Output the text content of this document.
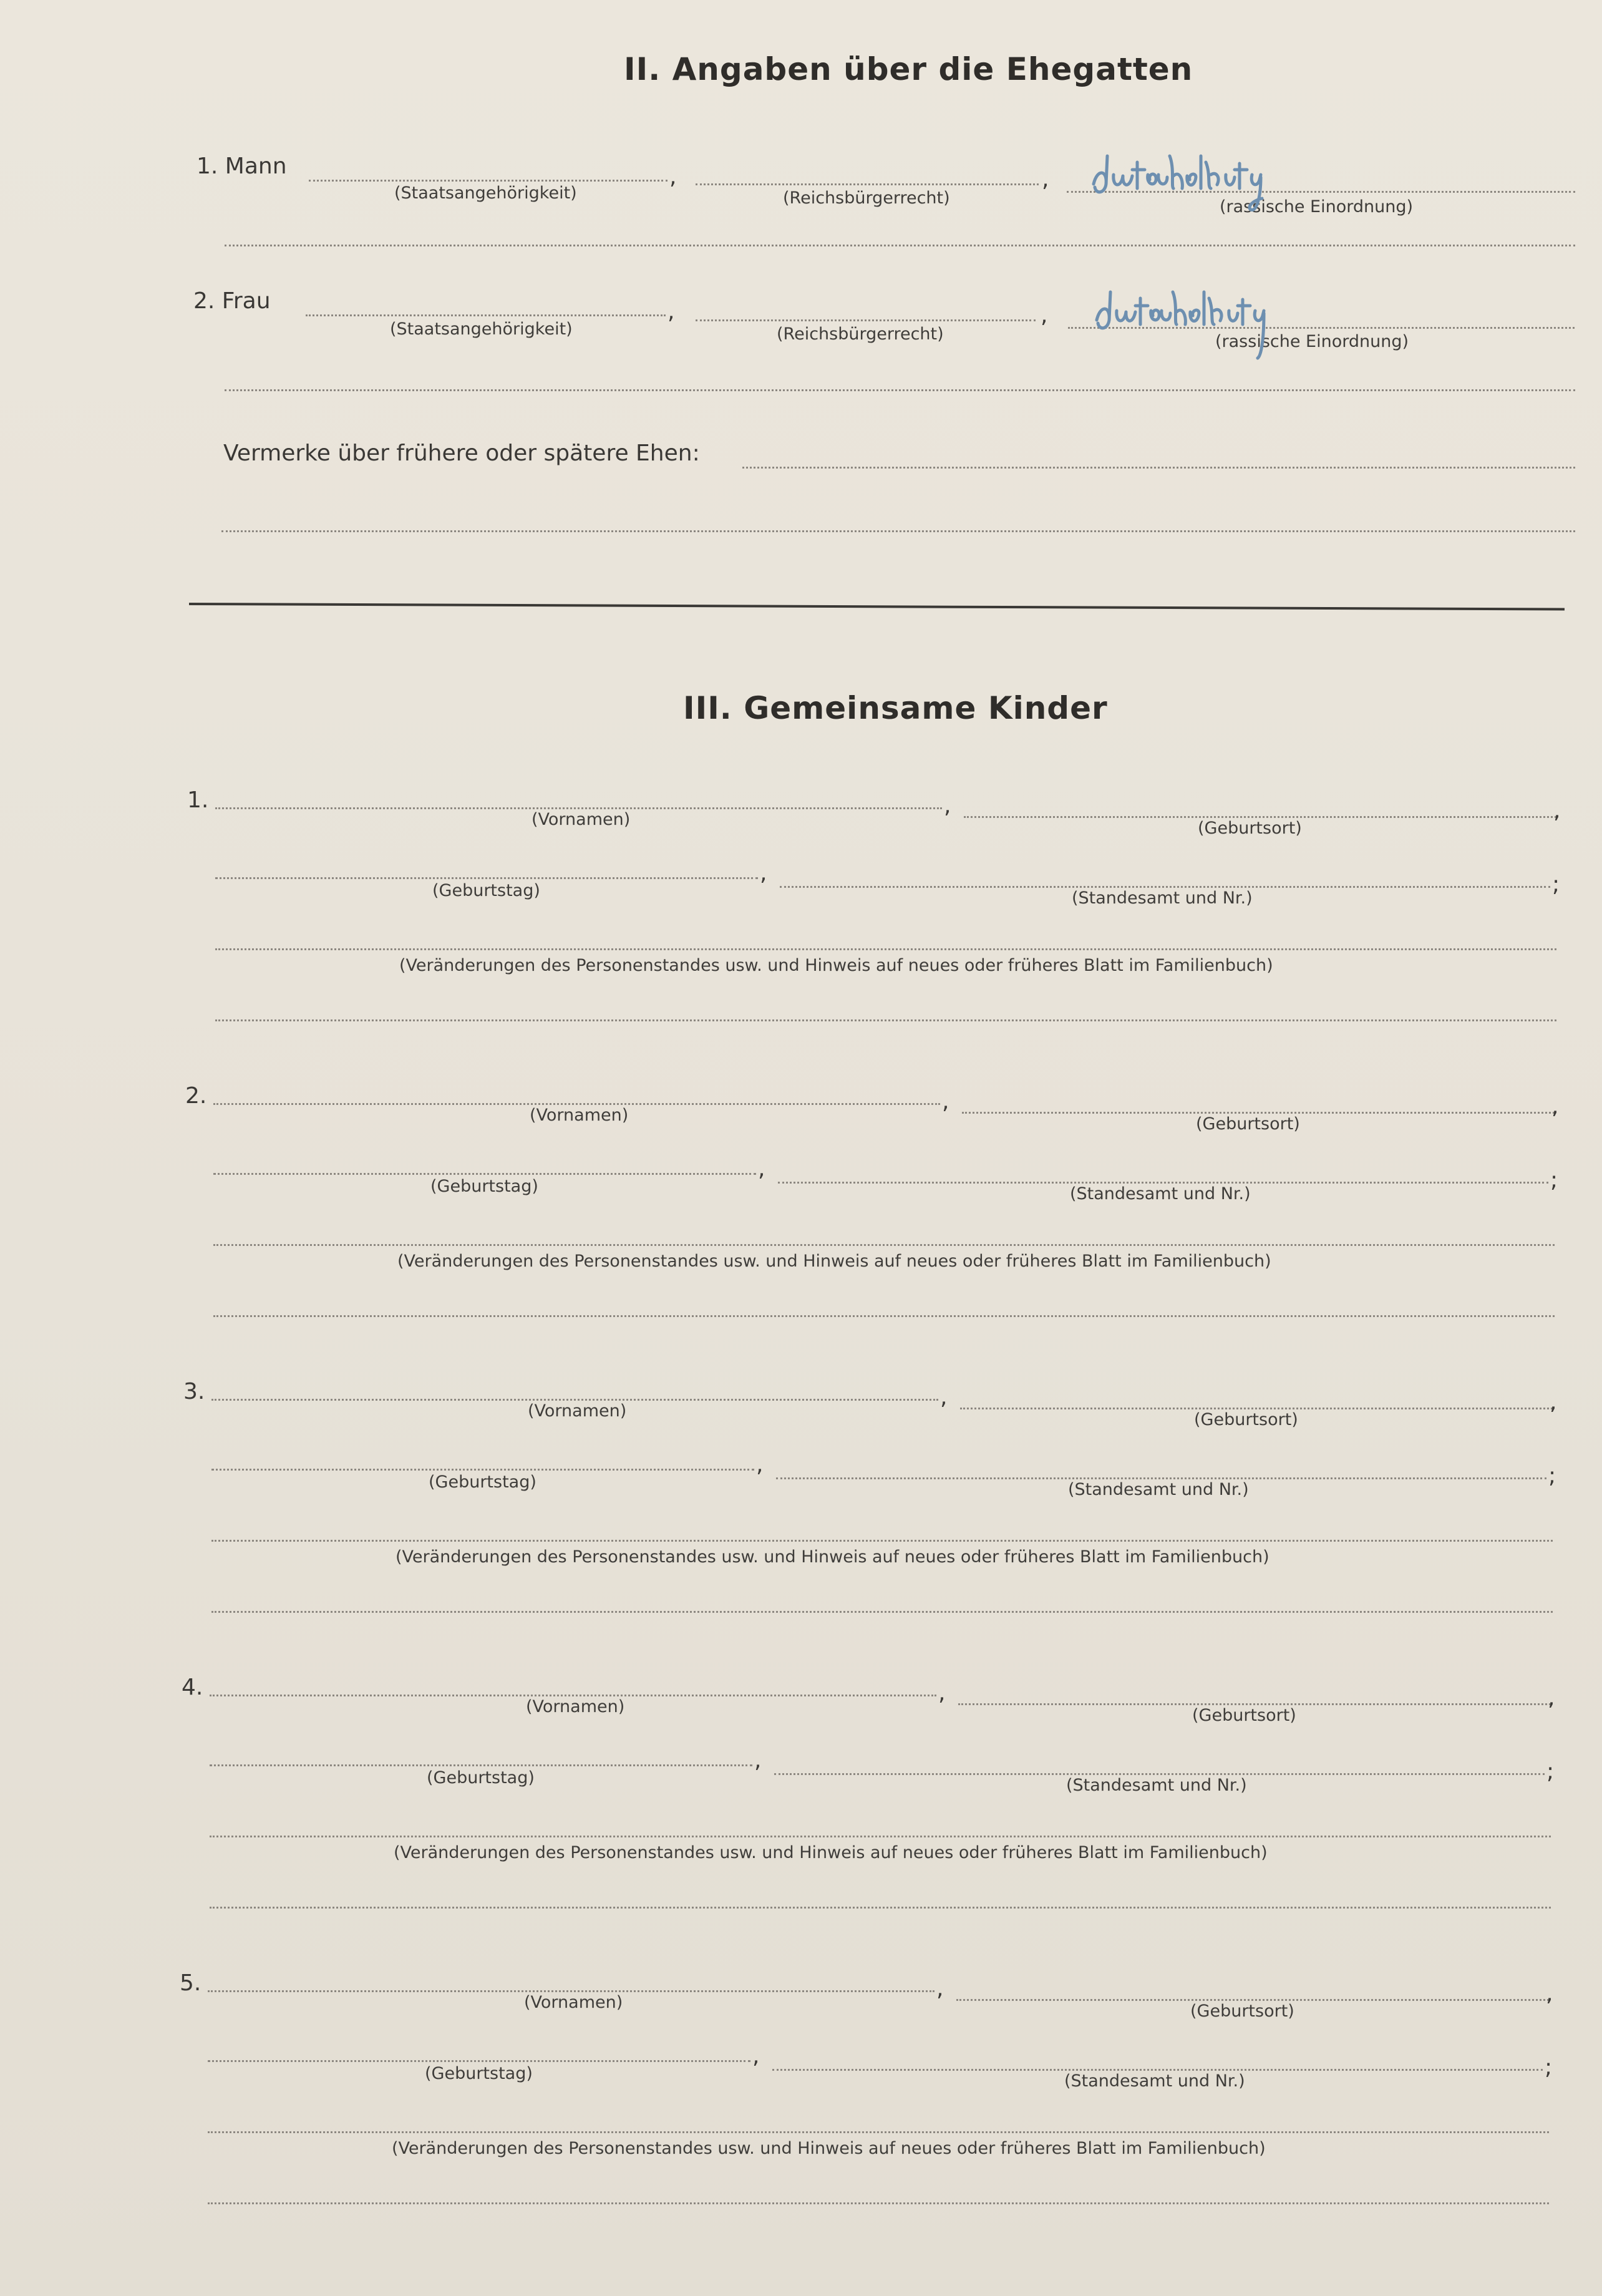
II. Angaben über die Ehegatten
1. Mann	,	,
(Staatsangehörigkeit)	(Reichsbürgerrecht)	(rassische Einordnung)
2. Frau	,	,
(Staatsangehörigkeit)	(Reichsbürgerrecht)	(rassische Einordnung)
Vermerke über frühere oder spätere Ehen:
III. Gemeinsame Kinder
1.	,	,
(Vornamen)	(Geburtsort)
,	;
(Geburtstag)	(Standesamt und Nr.)
(Veränderungen des Personenstandes usw. und Hinweis auf neues oder früheres Blatt im Familienbuch)
2.	,	,
(Vornamen)	(Geburtsort)
,	;
(Geburtstag)	(Standesamt und Nr.)
(Veränderungen des Personenstandes usw. und Hinweis auf neues oder früheres Blatt im Familienbuch)
3.	,	,
(Vornamen)	(Geburtsort)
,	;
(Geburtstag)	(Standesamt und Nr.)
(Veränderungen des Personenstandes usw. und Hinweis auf neues oder früheres Blatt im Familienbuch)
4.	,	,
(Vornamen)	(Geburtsort)
,	;
(Geburtstag)	(Standesamt und Nr.)
(Veränderungen des Personenstandes usw. und Hinweis auf neues oder früheres Blatt im Familienbuch)
5.	,	,
(Vornamen)	(Geburtsort)
,	;
(Geburtstag)	(Standesamt und Nr.)
(Veränderungen des Personenstandes usw. und Hinweis auf neues oder früheres Blatt im Familienbuch)
